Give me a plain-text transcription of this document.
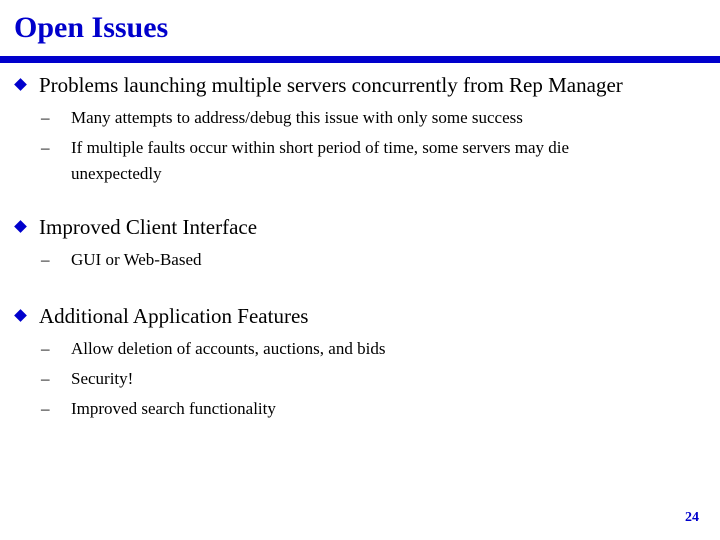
Open Issues
Problems launching multiple servers concurrently from Rep Manager
– Many attempts to address/debug this issue with only some success
– If multiple faults occur within short period of time, some servers may die unexpectedly
Improved Client Interface
– GUI or Web-Based
Additional Application Features
– Allow deletion of accounts, auctions, and bids
– Security!
– Improved search functionality
24
